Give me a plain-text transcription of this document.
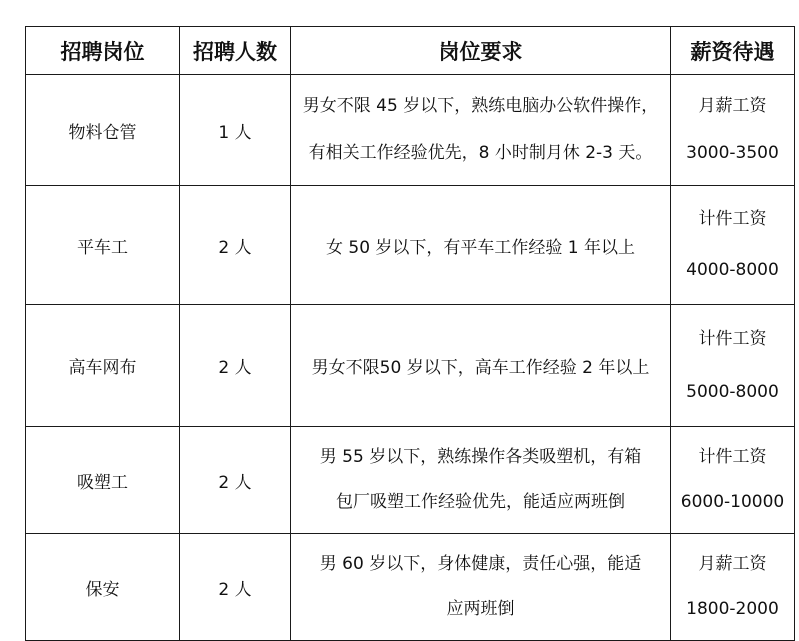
招聘岗位	招聘人数	岗位要求	薪资待遇
物料仓管	1 人	男女不限 45 岁以下，熟练电脑办公软件操作，
有相关工作经验优先，8 小时制月休 2-3 天。	月薪工资
3000-3500

平车工	2 人	女 50 岁以下，有平车工作经验 1 年以上	计件工资
4000-8000

高车网布	2 人	男女不限50 岁以下，高车工作经验 2 年以上	计件工资
5000-8000

吸塑工	2 人	男 55 岁以下，熟练操作各类吸塑机，有箱
包厂吸塑工作经验优先，能适应两班倒	计件工资
6000-10000

保安	2 人	男 60 岁以下，身体健康，责任心强，能适
应两班倒	月薪工资
1800-2000
